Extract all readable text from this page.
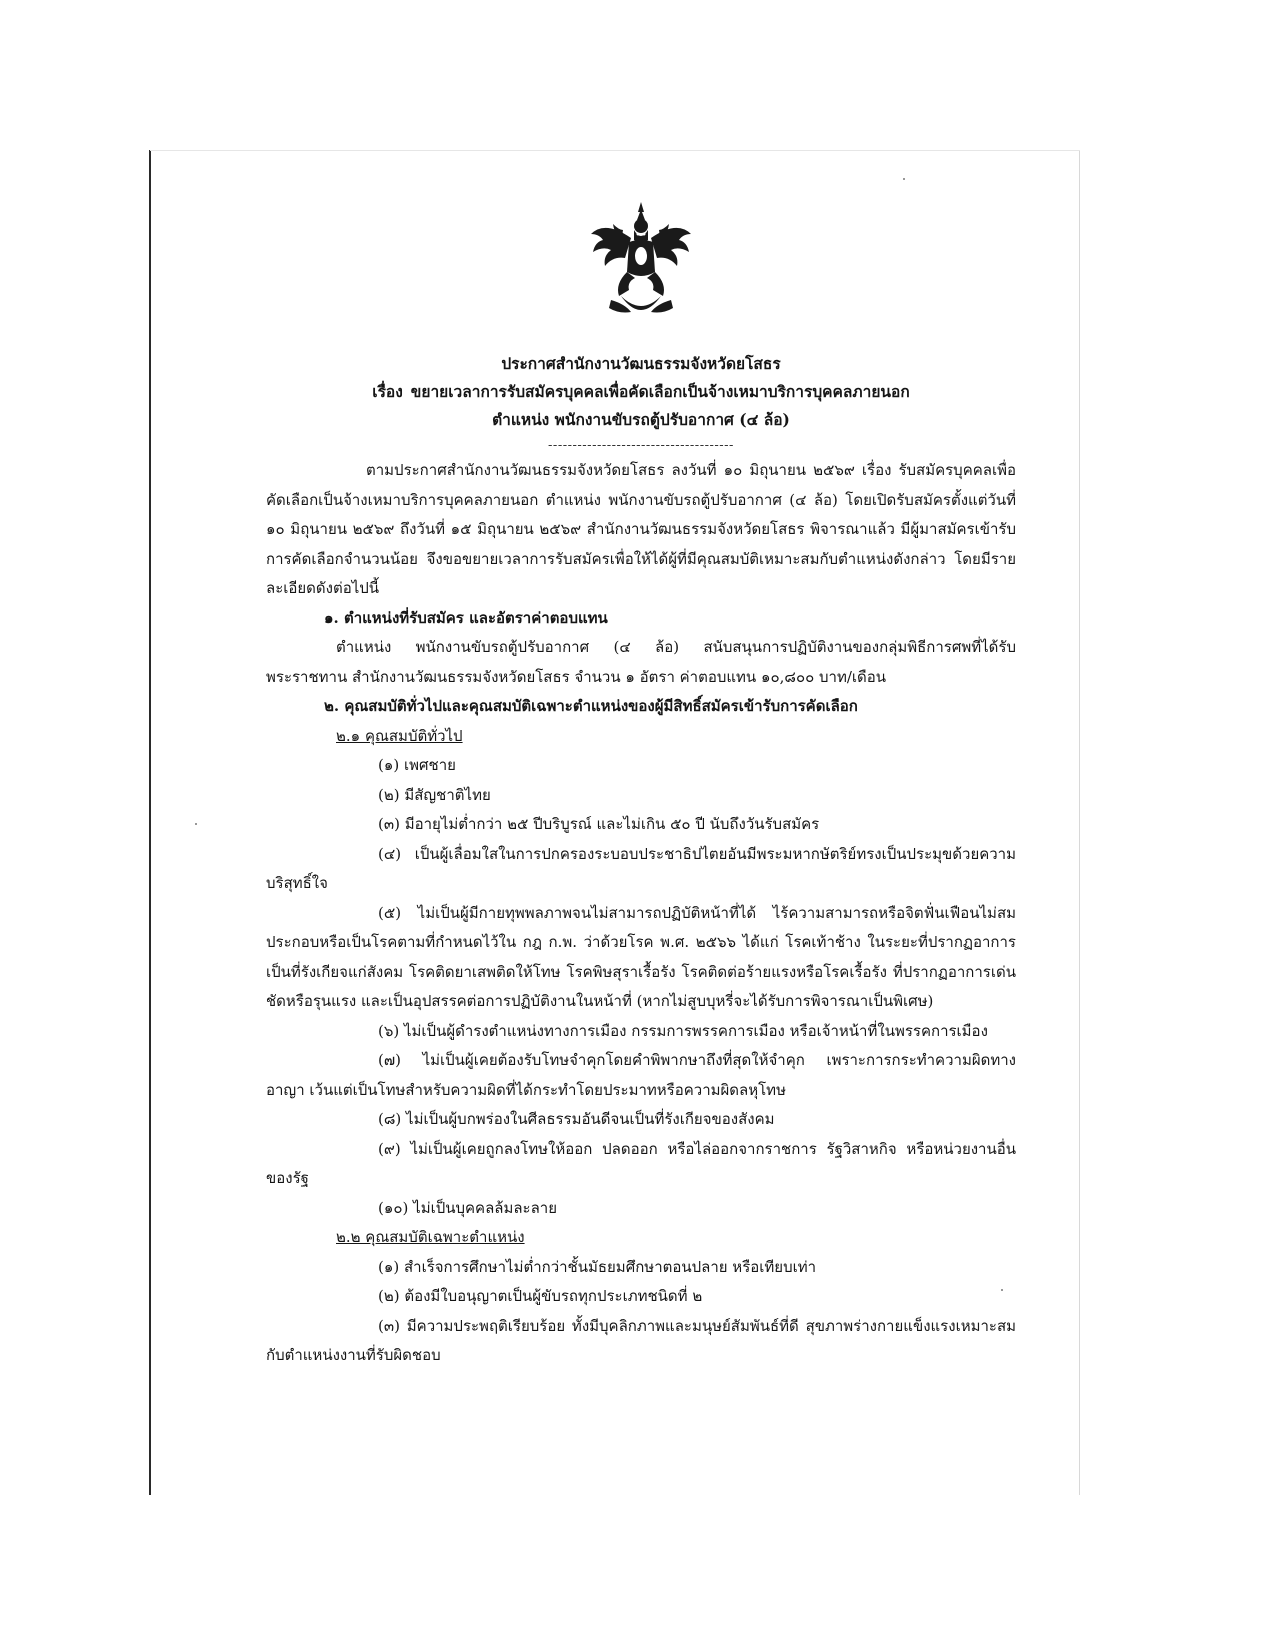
ประกาศสำนักงานวัฒนธรรมจังหวัดยโสธร
เรื่อง ขยายเวลาการรับสมัครบุคคลเพื่อคัดเลือกเป็นจ้างเหมาบริการบุคคลภายนอก
ตำแหน่ง พนักงานขับรถตู้ปรับอากาศ (๔ ล้อ)
--------------------------------------

ตามประกาศสำนักงานวัฒนธรรมจังหวัดยโสธร ลงวันที่ ๑๐ มิถุนายน ๒๕๖๙ เรื่อง รับสมัครบุคคลเพื่อคัดเลือกเป็นจ้างเหมาบริการบุคคลภายนอก ตำแหน่ง พนักงานขับรถตู้ปรับอากาศ (๔ ล้อ) โดยเปิดรับสมัครตั้งแต่วันที่ ๑๐ มิถุนายน ๒๕๖๙ ถึงวันที่ ๑๕ มิถุนายน ๒๕๖๙ สำนักงานวัฒนธรรมจังหวัดยโสธร พิจารณาแล้ว มีผู้มาสมัครเข้ารับการคัดเลือกจำนวนน้อย จึงขอขยายเวลาการรับสมัครเพื่อให้ได้ผู้ที่มีคุณสมบัติเหมาะสมกับตำแหน่งดังกล่าว โดยมีรายละเอียดดังต่อไปนี้

๑. ตำแหน่งที่รับสมัคร และอัตราค่าตอบแทน

ตำแหน่ง พนักงานขับรถตู้ปรับอากาศ (๔ ล้อ) สนับสนุนการปฏิบัติงานของกลุ่มพิธีการศพที่ได้รับพระราชทาน สำนักงานวัฒนธรรมจังหวัดยโสธร จำนวน ๑ อัตรา ค่าตอบแทน ๑๐,๘๐๐ บาท/เดือน

๒. คุณสมบัติทั่วไปและคุณสมบัติเฉพาะตำแหน่งของผู้มีสิทธิ์สมัครเข้ารับการคัดเลือก

๒.๑ คุณสมบัติทั่วไป

(๑) เพศชาย

(๒) มีสัญชาติไทย

(๓) มีอายุไม่ต่ำกว่า ๒๕ ปีบริบูรณ์ และไม่เกิน ๕๐ ปี นับถึงวันรับสมัคร

(๔) เป็นผู้เลื่อมใสในการปกครองระบอบประชาธิปไตยอันมีพระมหากษัตริย์ทรงเป็นประมุขด้วยความบริสุทธิ์ใจ

(๕) ไม่เป็นผู้มีกายทุพพลภาพจนไม่สามารถปฏิบัติหน้าที่ได้ ไร้ความสามารถหรือจิตฟั่นเฟือนไม่สมประกอบหรือเป็นโรคตามที่กำหนดไว้ใน กฎ ก.พ. ว่าด้วยโรค พ.ศ. ๒๕๖๖ ได้แก่ โรคเท้าช้าง ในระยะที่ปรากฏอาการเป็นที่รังเกียจแก่สังคม โรคติดยาเสพติดให้โทษ โรคพิษสุราเรื้อรัง โรคติดต่อร้ายแรงหรือโรคเรื้อรัง ที่ปรากฏอาการเด่นชัดหรือรุนแรง และเป็นอุปสรรคต่อการปฏิบัติงานในหน้าที่ (หากไม่สูบบุหรี่จะได้รับการพิจารณาเป็นพิเศษ)

(๖) ไม่เป็นผู้ดำรงตำแหน่งทางการเมือง กรรมการพรรคการเมือง หรือเจ้าหน้าที่ในพรรคการเมือง

(๗) ไม่เป็นผู้เคยต้องรับโทษจำคุกโดยคำพิพากษาถึงที่สุดให้จำคุก เพราะการกระทำความผิดทางอาญา เว้นแต่เป็นโทษสำหรับความผิดที่ได้กระทำโดยประมาทหรือความผิดลหุโทษ

(๘) ไม่เป็นผู้บกพร่องในศีลธรรมอันดีจนเป็นที่รังเกียจของสังคม

(๙) ไม่เป็นผู้เคยถูกลงโทษให้ออก ปลดออก หรือไล่ออกจากราชการ รัฐวิสาหกิจ หรือหน่วยงานอื่นของรัฐ

(๑๐) ไม่เป็นบุคคลล้มละลาย

๒.๒ คุณสมบัติเฉพาะตำแหน่ง

(๑) สำเร็จการศึกษาไม่ต่ำกว่าชั้นมัธยมศึกษาตอนปลาย หรือเทียบเท่า

(๒) ต้องมีใบอนุญาตเป็นผู้ขับรถทุกประเภทชนิดที่ ๒

(๓) มีความประพฤติเรียบร้อย ทั้งมีบุคลิกภาพและมนุษย์สัมพันธ์ที่ดี สุขภาพร่างกายแข็งแรงเหมาะสมกับตำแหน่งงานที่รับผิดชอบ
